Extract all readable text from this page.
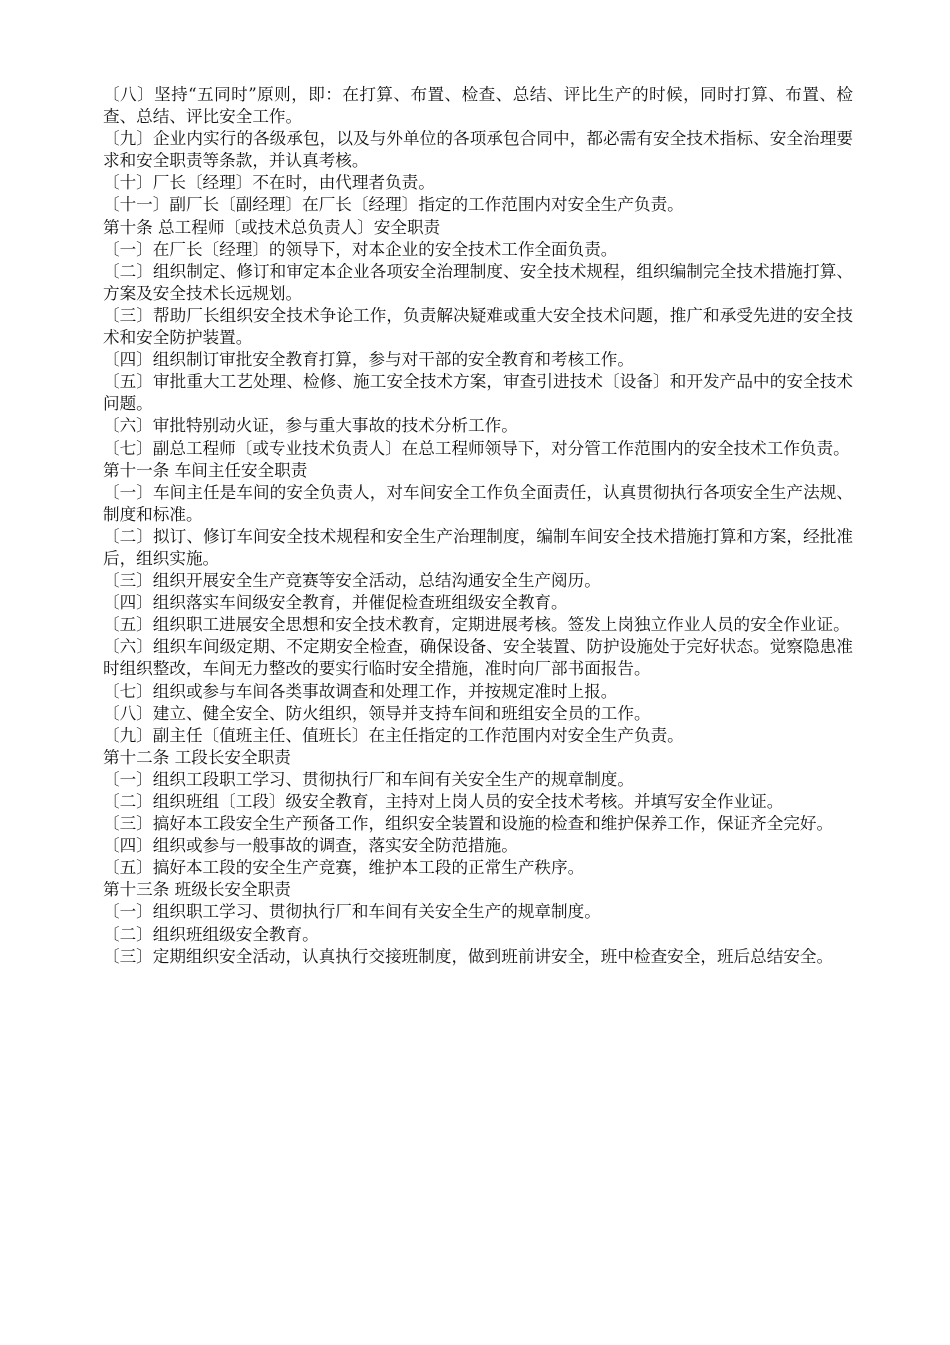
〔八〕坚持“五同时”原则，即：在打算、布置、检查、总结、评比生产的时候，同时打算、布置、检查、总结、评比安全工作。

〔九〕企业内实行的各级承包，以及与外单位的各项承包合同中，都必需有安全技术指标、安全治理要求和安全职责等条款，并认真考核。

〔十〕厂长〔经理〕不在时，由代理者负责。

〔十一〕副厂长〔副经理〕在厂长〔经理〕指定的工作范围内对安全生产负责。

第十条 总工程师〔或技术总负责人〕安全职责

〔一〕在厂长〔经理〕的领导下，对本企业的安全技术工作全面负责。

〔二〕组织制定、修订和审定本企业各项安全治理制度、安全技术规程，组织编制完全技术措施打算、方案及安全技术长远规划。

〔三〕帮助厂长组织安全技术争论工作，负责解决疑难或重大安全技术问题，推广和承受先进的安全技术和安全防护装置。

〔四〕组织制订审批安全教育打算，参与对干部的安全教育和考核工作。

〔五〕审批重大工艺处理、检修、施工安全技术方案，审查引进技术〔设备〕和开发产品中的安全技术问题。

〔六〕审批特别动火证，参与重大事故的技术分析工作。

〔七〕副总工程师〔或专业技术负责人〕在总工程师领导下，对分管工作范围内的安全技术工作负责。

第十一条 车间主任安全职责

〔一〕车间主任是车间的安全负责人，对车间安全工作负全面责任，认真贯彻执行各项安全生产法规、制度和标准。

〔二〕拟订、修订车间安全技术规程和安全生产治理制度，编制车间安全技术措施打算和方案，经批准后，组织实施。

〔三〕组织开展安全生产竞赛等安全活动，总结沟通安全生产阅历。

〔四〕组织落实车间级安全教育，并催促检查班组级安全教育。

〔五〕组织职工进展安全思想和安全技术教育，定期进展考核。签发上岗独立作业人员的安全作业证。

〔六〕组织车间级定期、不定期安全检查，确保设备、安全装置、防护设施处于完好状态。觉察隐患准时组织整改，车间无力整改的要实行临时安全措施，准时向厂部书面报告。

〔七〕组织或参与车间各类事故调查和处理工作，并按规定准时上报。

〔八〕建立、健全安全、防火组织，领导并支持车间和班组安全员的工作。

〔九〕副主任〔值班主任、值班长〕在主任指定的工作范围内对安全生产负责。

第十二条 工段长安全职责

〔一〕组织工段职工学习、贯彻执行厂和车间有关安全生产的规章制度。

〔二〕组织班组〔工段〕级安全教育，主持对上岗人员的安全技术考核。并填写安全作业证。

〔三〕搞好本工段安全生产预备工作，组织安全装置和设施的检查和维护保养工作，保证齐全完好。

〔四〕组织或参与一般事故的调查，落实安全防范措施。

〔五〕搞好本工段的安全生产竞赛，维护本工段的正常生产秩序。

第十三条 班级长安全职责

〔一〕组织职工学习、贯彻执行厂和车间有关安全生产的规章制度。

〔二〕组织班组级安全教育。

〔三〕定期组织安全活动，认真执行交接班制度，做到班前讲安全，班中检查安全，班后总结安全。
